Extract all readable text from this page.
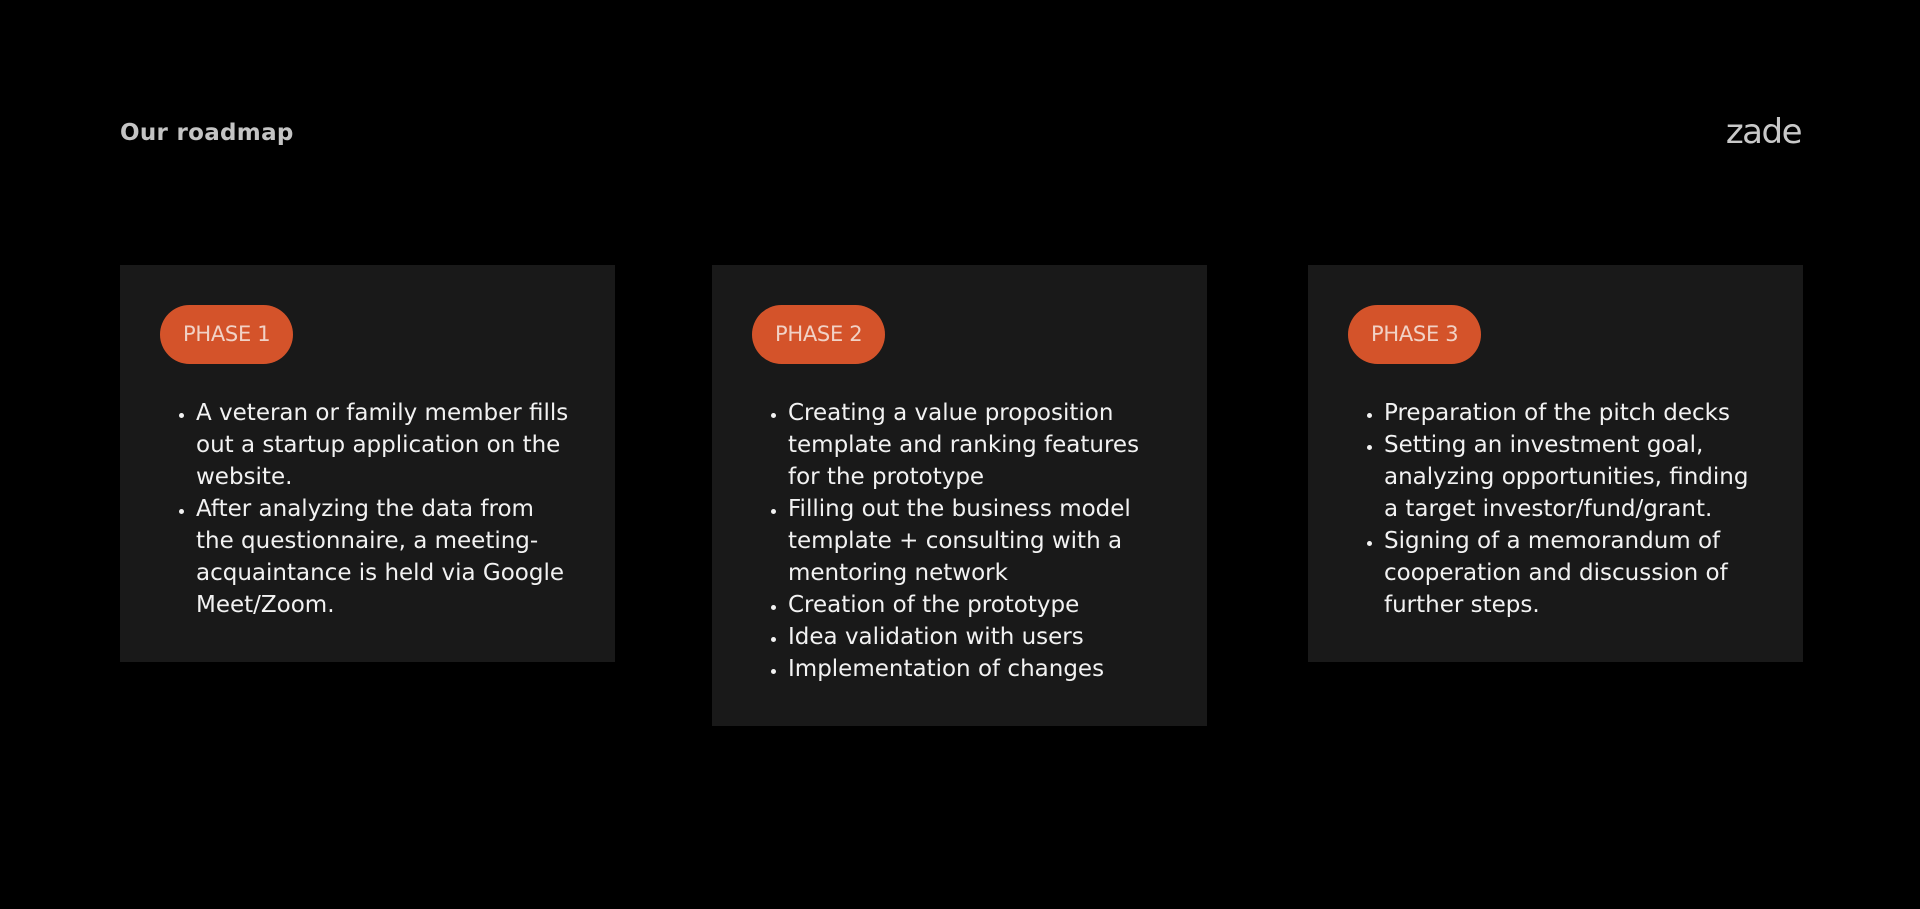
Our roadmap	zade
PHASE 1
• A veteran or family member fills out a startup application on the website.
• After analyzing the data from the questionnaire, a meeting-acquaintance is held via Google Meet/Zoom.
PHASE 2
• Creating a value proposition template and ranking features for the prototype
• Filling out the business model template + consulting with a mentoring network
• Creation of the prototype
• Idea validation with users
• Implementation of changes
PHASE 3
• Preparation of the pitch decks
• Setting an investment goal, analyzing opportunities, finding a target investor/fund/grant.
• Signing of a memorandum of cooperation and discussion of further steps.
